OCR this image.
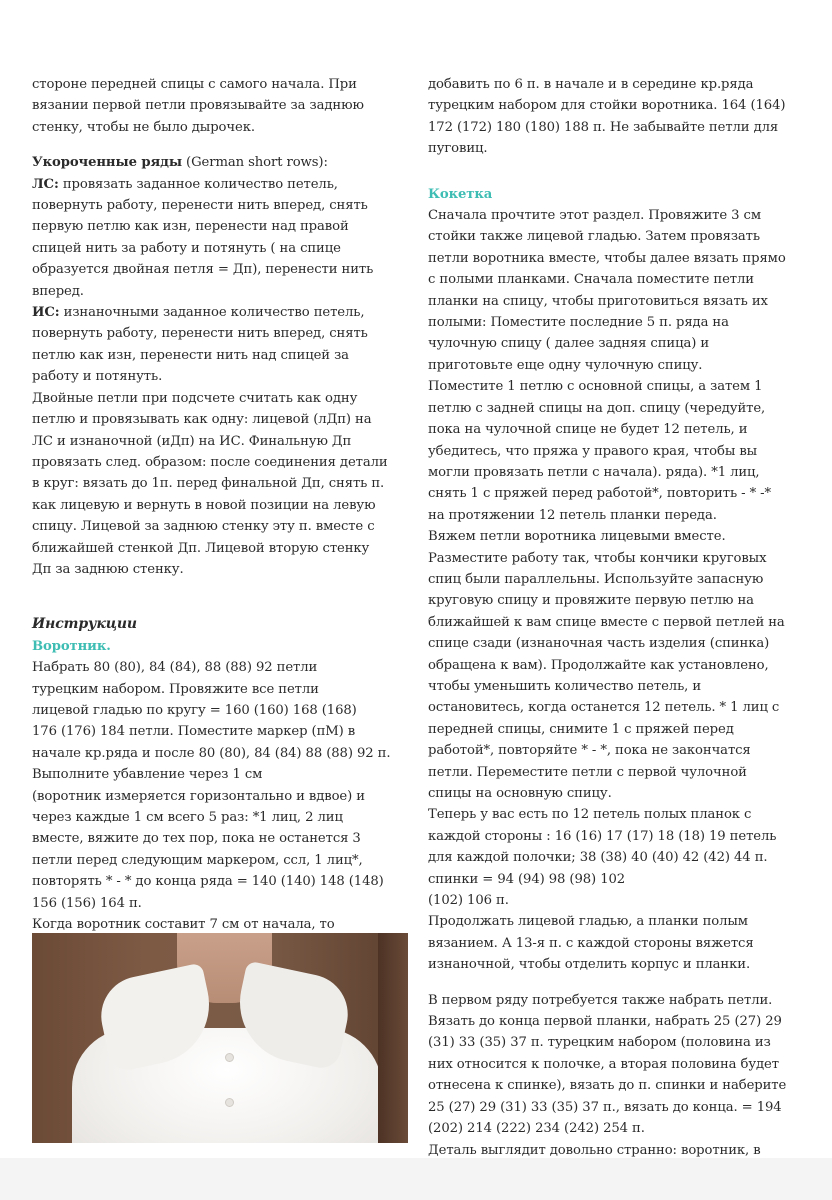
стороне передней спицы с самого начала. При
вязании первой петли провязывайте за заднюю
стенку, чтобы не было дырочек.
Укороченные ряды (German short rows):
ЛС: провязать заданное количество петель,
повернуть работу, перенести нить вперед, снять
первую петлю как изн, перенести над правой
спицей нить за работу и потянуть ( на спице
образуется двойная петля = Дп), перенести нить
вперед.
ИС: изнаночными заданное количество петель,
повернуть работу, перенести нить вперед, снять
петлю как изн, перенести нить над спицей за
работу и потянуть.
Двойные петли при подсчете считать как одну
петлю и провязывать как одну: лицевой (лДп) на
ЛС и изнаночной (иДп) на ИС. Финальную Дп
провязать след. образом: после соединения детали
в круг: вязать до 1п. перед финальной Дп, снять п.
как лицевую и вернуть в новой позиции на левую
спицу. Лицевой за заднюю стенку эту п. вместе с
ближайшей стенкой Дп. Лицевой вторую стенку
Дп за заднюю стенку.
Инструкции
Воротник.
Набрать 80 (80), 84 (84), 88 (88) 92 петли
турецким набором. Провяжите все петли
лицевой гладью по кругу = 160 (160) 168 (168)
176 (176) 184 петли. Поместите маркер (пМ) в
начале кр.ряда и после 80 (80), 84 (84) 88 (88) 92 п.
Выполните убавление через 1 см
(воротник измеряется горизонтально и вдвое) и
через каждые 1 см всего 5 раз: *1 лиц, 2 лиц
вместе, вяжите до тех пор, пока не останется 3
петли перед следующим маркером, ссл, 1 лиц*,
повторять * - * до конца ряда = 140 (140) 148 (148)
156 (156) 164 п.
Когда воротник составит 7 см от начала, то
добавить по 6 п. в начале и в середине кр.ряда
турецким набором для стойки воротника. 164 (164)
172 (172) 180 (180) 188 п. Не забывайте петли для
пуговиц.
Кокетка
Сначала прочтите этот раздел. Провяжите 3 см
стойки также лицевой гладью. Затем провязать
петли воротника вместе, чтобы далее вязать прямо
с полыми планками. Сначала поместите петли
планки на спицу, чтобы приготовиться вязать их
полыми: Поместите последние 5 п. ряда на
чулочную спицу ( далее задняя спица) и
приготовьте еще одну чулочную спицу.
Поместите 1 петлю с основной спицы, а затем 1
петлю с задней спицы на доп. спицу (чередуйте,
пока на чулочной спице не будет 12 петель, и
убедитесь, что пряжа у правого края, чтобы вы
могли провязать петли с начала). ряда). *1 лиц,
снять 1 с пряжей перед работой*, повторить - * -*
на протяжении 12 петель планки переда.
Вяжем петли воротника лицевыми вместе.
Разместите работу так, чтобы кончики круговых
спиц были параллельны. Используйте запасную
круговую спицу и провяжите первую петлю на
ближайшей к вам спице вместе с первой петлей на
спице сзади (изнаночная часть изделия (спинка)
обращена к вам). Продолжайте как установлено,
чтобы уменьшить количество петель, и
остановитесь, когда останется 12 петель. * 1 лиц с
передней спицы, снимите 1 с пряжей перед
работой*, повторяйте * - *, пока не закончатся
петли. Переместите петли с первой чулочной
спицы на основную спицу.
Теперь у вас есть по 12 петель полых планок с
каждой стороны : 16 (16) 17 (17) 18 (18) 19 петель
для каждой полочки; 38 (38) 40 (40) 42 (42) 44 п.
спинки = 94 (94) 98 (98) 102
(102) 106 п.
Продолжать лицевой гладью, а планки полым
вязанием. А 13-я п. с каждой стороны вяжется
изнаночной, чтобы отделить корпус и планки.
В первом ряду потребуется также набрать петли.
Вязать до конца первой планки, набрать 25 (27) 29
(31) 33 (35) 37 п. турецким набором (половина из
них относится к полочке, а вторая половина будет
отнесена к спинке), вязать до п. спинки и наберите
25 (27) 29 (31) 33 (35) 37 п., вязать до конца. = 194
(202) 214 (222) 234 (242) 254 п.
Деталь выглядит довольно странно: воротник, в
